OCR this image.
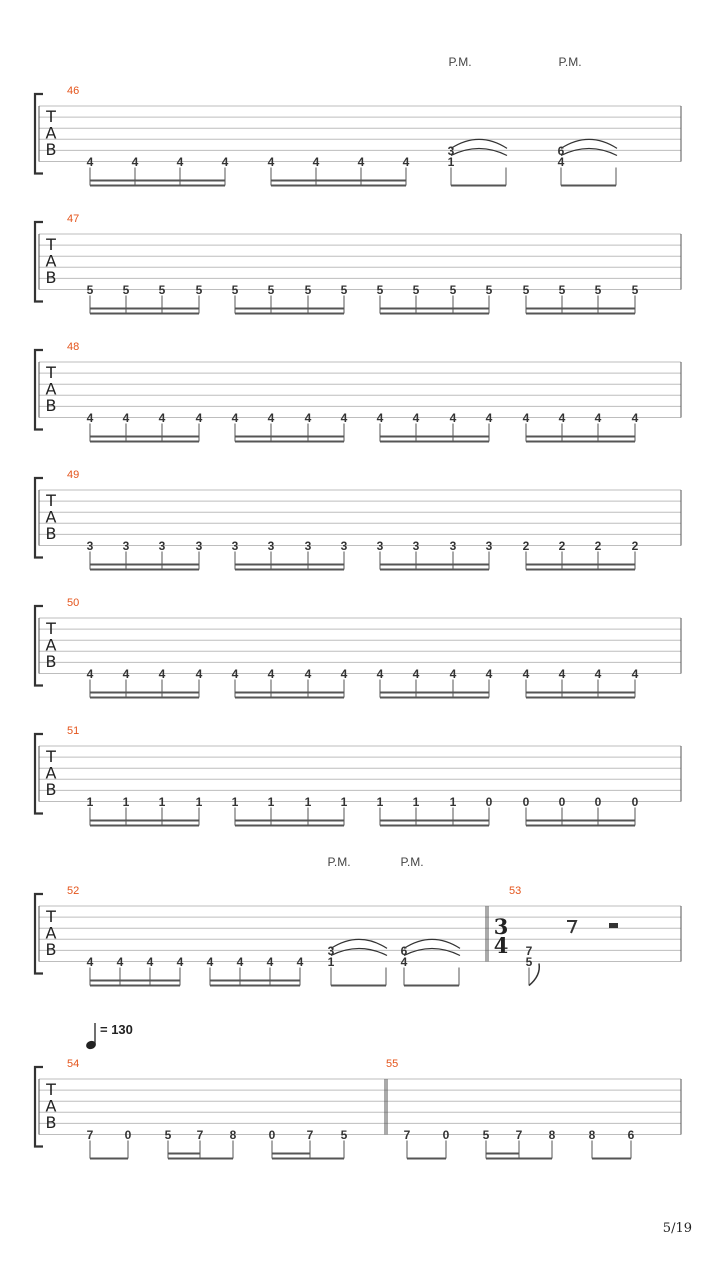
T
A
B
P.M.	P.M.
46
4	4	4	4	4	4	4	4
3
1
6
4
T
A
B
47
5 5 5	5 5 5	5 5 5 5	5 5	5 5 5	5
T
A
B
48
4 4 4	4 4 4	4 4 4 4	4 4	4 4 4	4
T
A
B
49
3 3 3	3 3 3	3 3 3 3	3 3	2 2 2	2
T
A
B
50
4 4 4	4 4 4	4 4 4 4	4 4	4 4 4	4
T
A
B
51
1 1 1	1 1 1	1 1 1 1	1 0	0 0 0	0
T
A
B
P.M.	P.M.
52
4 4 4 4 4 4 4 4
3
1
6
4
53
7
5
3
4
T
A
B
54
7	0	5 7 8	0	7 5
55
7	0	5 7 8	8	6
= 130
5/19
